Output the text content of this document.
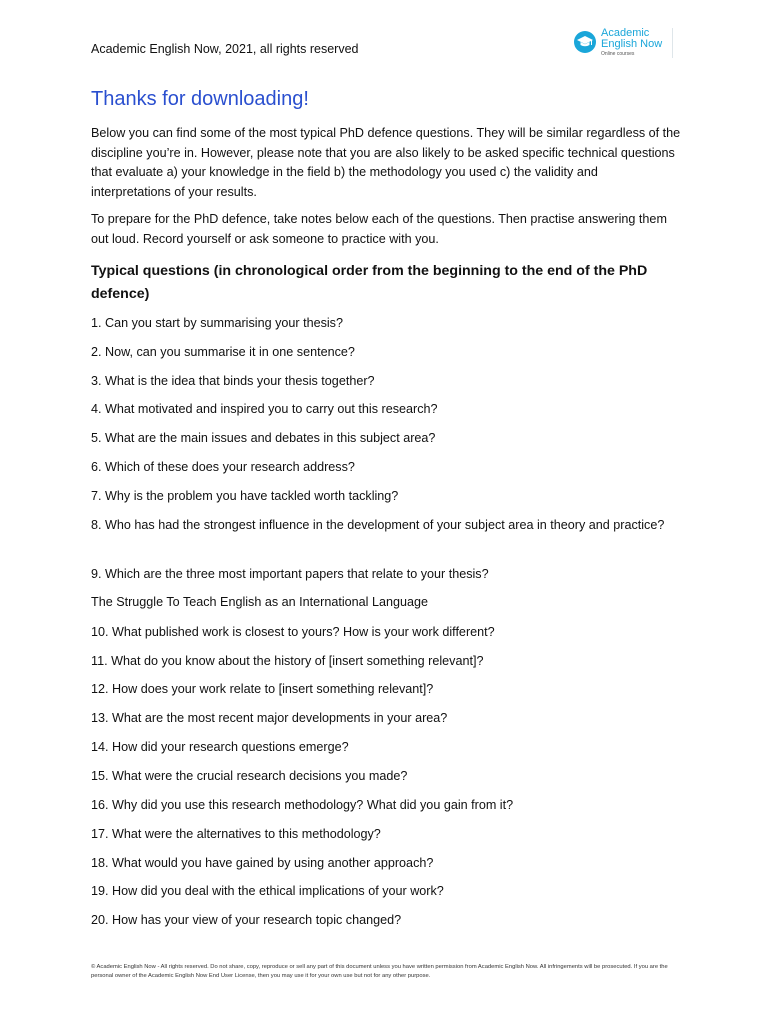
Academic English Now, 2021, all rights reserved
Academic
English Now
Online courses
Thanks for downloading!
Below you can find some of the most typical PhD defence questions. They will be similar regardless of the discipline you’re in. However, please note that you are also likely to be asked specific technical questions that evaluate a) your knowledge in the field b) the methodology you used c) the validity and interpretations of your results.
To prepare for the PhD defence, take notes below each of the questions. Then practise answering them out loud. Record yourself or ask someone to practice with you.
Typical questions (in chronological order from the beginning to the end of the PhD defence)
1. Can you start by summarising your thesis?
2. Now, can you summarise it in one sentence?
3. What is the idea that binds your thesis together?
4. What motivated and inspired you to carry out this research?
5. What are the main issues and debates in this subject area?
6. Which of these does your research address?
7. Why is the problem you have tackled worth tackling?
8. Who has had the strongest influence in the development of your subject area in theory and practice?
9. Which are the three most important papers that relate to your thesis?
The Struggle To Teach English as an International Language
10. What published work is closest to yours? How is your work different?
11. What do you know about the history of [insert something relevant]?
12. How does your work relate to [insert something relevant]?
13. What are the most recent major developments in your area?
14. How did your research questions emerge?
15. What were the crucial research decisions you made?
16. Why did you use this research methodology? What did you gain from it?
17. What were the alternatives to this methodology?
18. What would you have gained by using another approach?
19. How did you deal with the ethical implications of your work?
20. How has your view of your research topic changed?
© Academic English Now - All rights reserved. Do not share, copy, reproduce or sell any part of this document unless you have written permission from Academic English Now. All infringements will be prosecuted. If you are the personal owner of the Academic English Now End User License, then you may use it for your own use but not for any other purpose.
